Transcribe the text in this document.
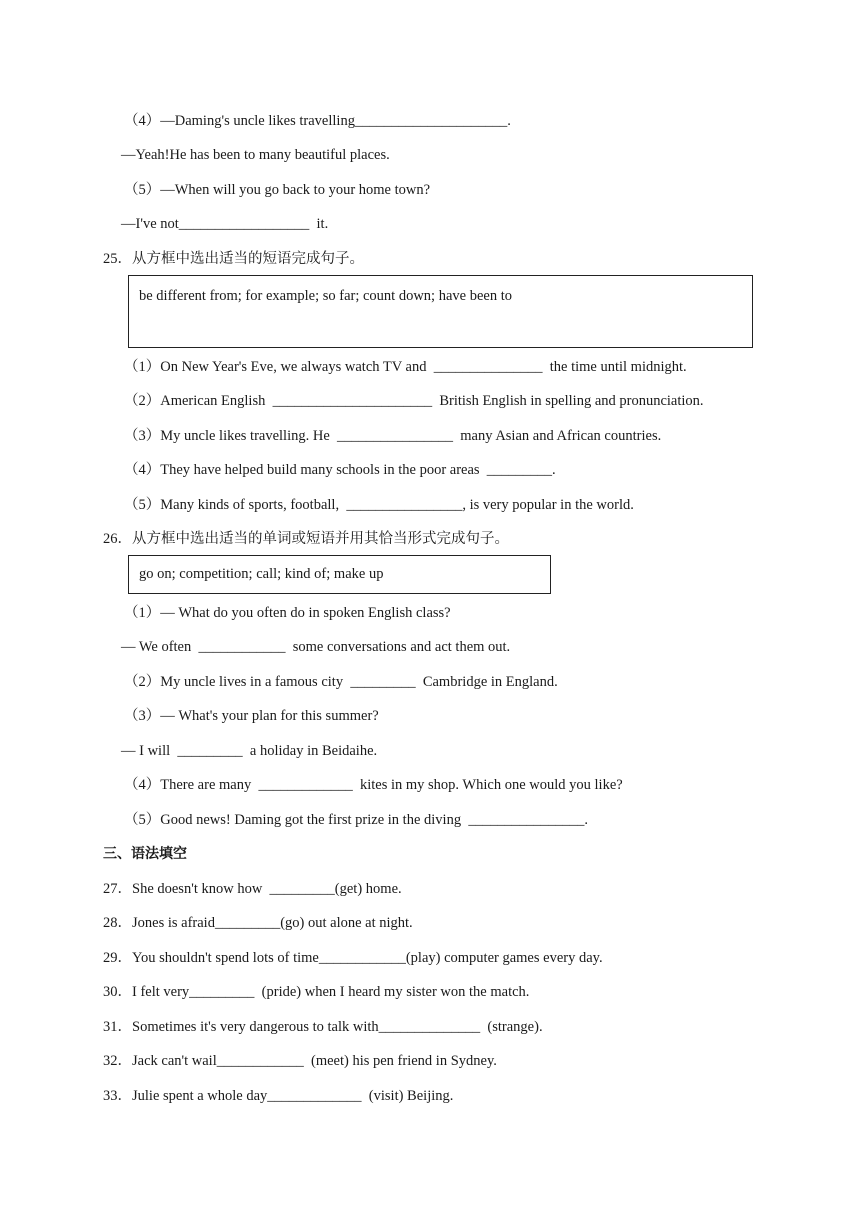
（4）—Daming's uncle likes travelling_____________________.
—Yeah!He has been to many beautiful places.
（5）—When will you go back to your home town?
—I've not__________________  it.
25．从方框中选出适当的短语完成句子。
be different from; for example; so far; count down; have been to
（1）On New Year's Eve, we always watch TV and  _______________  the time until midnight.
（2）American English  ______________________  British English in spelling and pronunciation.
（3）My uncle likes travelling. He  ________________  many Asian and African countries.
（4）They have helped build many schools in the poor areas  _________.
（5）Many kinds of sports, football,  ________________, is very popular in the world.
26．从方框中选出适当的单词或短语并用其恰当形式完成句子。
go on; competition; call; kind of; make up
（1）— What do you often do in spoken English class?
— We often  ____________  some conversations and act them out.
（2）My uncle lives in a famous city  _________  Cambridge in England.
（3）— What's your plan for this summer?
— I will  _________  a holiday in Beidaihe.
（4）There are many  _____________  kites in my shop. Which one would you like?
（5）Good news! Daming got the first prize in the diving  ________________.
三、语法填空
27．She doesn't know how  _________(get) home.
28．Jones is afraid_________(go) out alone at night.
29．You shouldn't spend lots of time____________(play) computer games every day.
30．I felt very_________  (pride) when I heard my sister won the match.
31．Sometimes it's very dangerous to talk with______________  (strange).
32．Jack can't wail____________  (meet) his pen friend in Sydney.
33．Julie spent a whole day_____________  (visit) Beijing.
